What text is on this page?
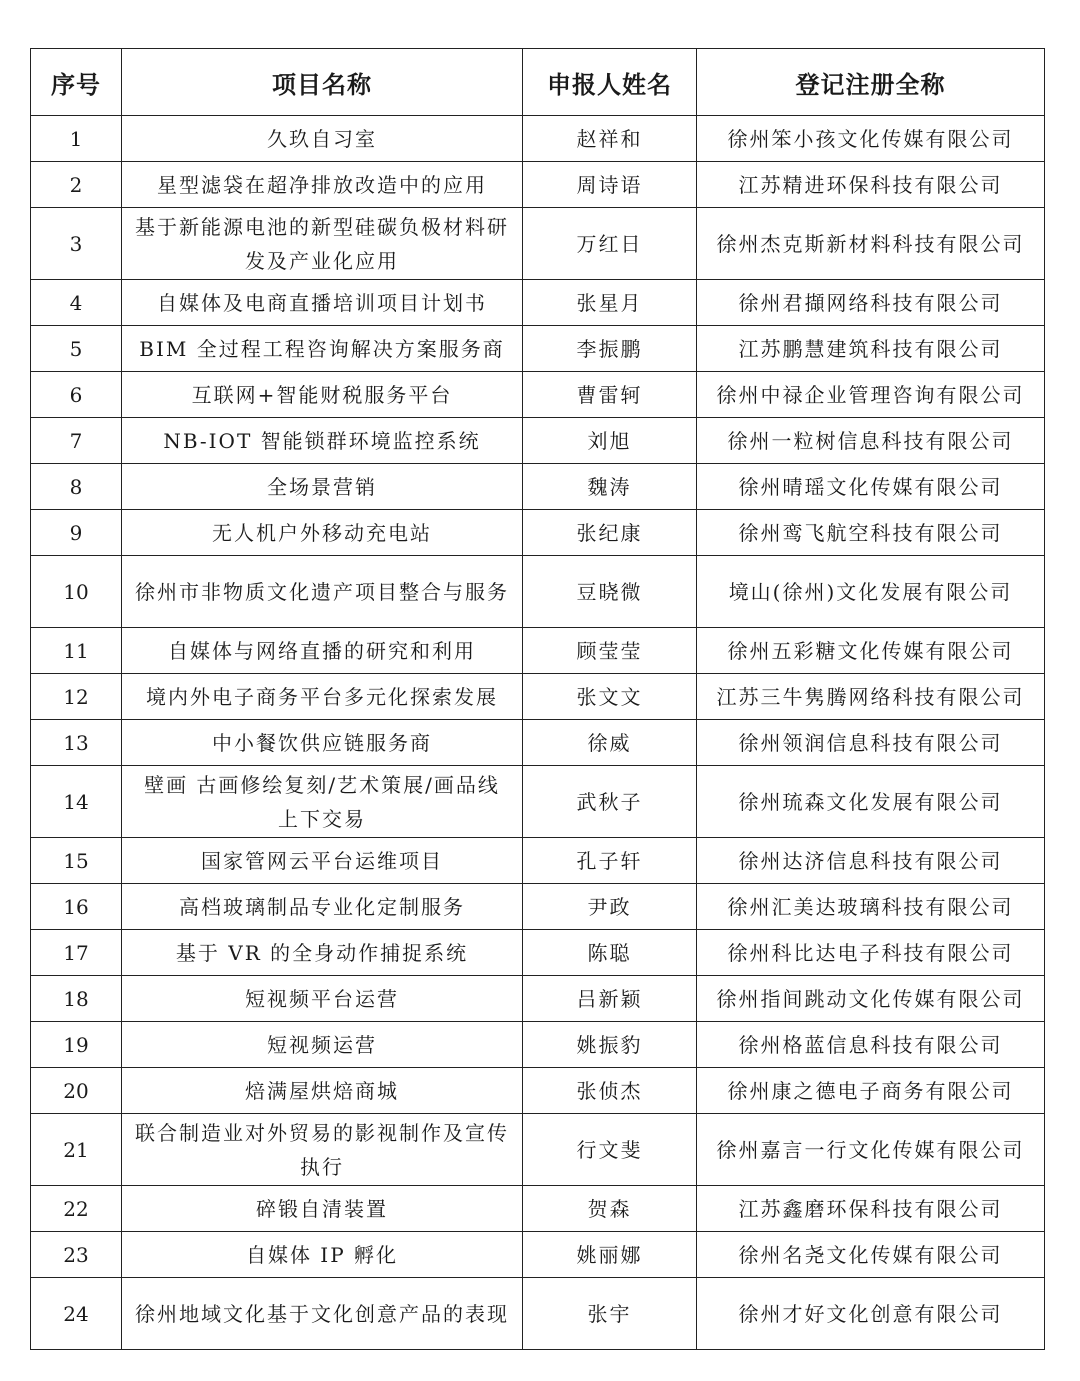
序号	项目名称	申报人姓名	登记注册全称
1	久玖自习室	赵祥和	徐州笨小孩文化传媒有限公司
2	星型滤袋在超净排放改造中的应用	周诗语	江苏精进环保科技有限公司
3	基于新能源电池的新型硅碳负极材料研发及产业化应用	万红日	徐州杰克斯新材料科技有限公司
4	自媒体及电商直播培训项目计划书	张星月	徐州君擷网络科技有限公司
5	BIM 全过程工程咨询解决方案服务商	李振鹏	江苏鹏慧建筑科技有限公司
6	互联网+智能财税服务平台	曹雷轲	徐州中禄企业管理咨询有限公司
7	NB-IOT 智能锁群环境监控系统	刘旭	徐州一粒树信息科技有限公司
8	全场景营销	魏涛	徐州晴瑶文化传媒有限公司
9	无人机户外移动充电站	张纪康	徐州鸾飞航空科技有限公司
10	徐州市非物质文化遗产项目整合与服务	豆晓微	境山(徐州)文化发展有限公司
11	自媒体与网络直播的研究和利用	顾莹莹	徐州五彩糖文化传媒有限公司
12	境内外电子商务平台多元化探索发展	张文文	江苏三牛隽腾网络科技有限公司
13	中小餐饮供应链服务商	徐威	徐州领润信息科技有限公司
14	壁画 古画修绘复刻/艺术策展/画品线上下交易	武秋子	徐州琉森文化发展有限公司
15	国家管网云平台运维项目	孔子轩	徐州达济信息科技有限公司
16	高档玻璃制品专业化定制服务	尹政	徐州汇美达玻璃科技有限公司
17	基于 VR 的全身动作捕捉系统	陈聪	徐州科比达电子科技有限公司
18	短视频平台运营	吕新颖	徐州指间跳动文化传媒有限公司
19	短视频运营	姚振豹	徐州格蓝信息科技有限公司
20	焙满屋烘焙商城	张侦杰	徐州康之德电子商务有限公司
21	联合制造业对外贸易的影视制作及宣传执行	行文斐	徐州嘉言一行文化传媒有限公司
22	碎锻自清装置	贺森	江苏鑫磨环保科技有限公司
23	自媒体 IP 孵化	姚丽娜	徐州名尧文化传媒有限公司
24	徐州地域文化基于文化创意产品的表现	张宇	徐州才好文化创意有限公司
